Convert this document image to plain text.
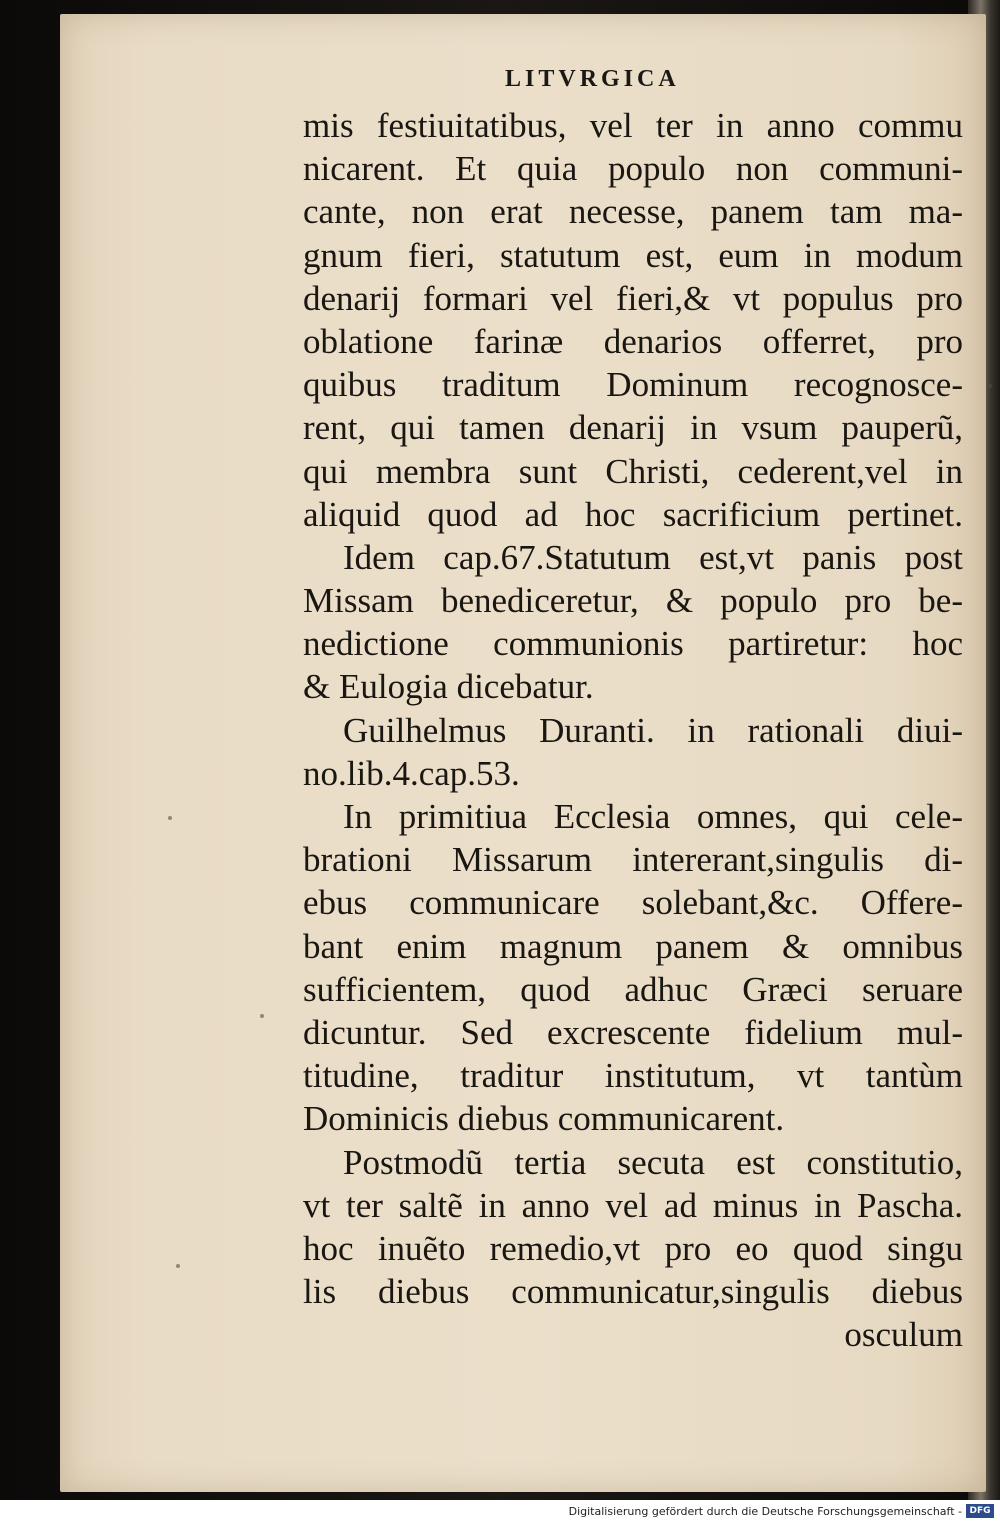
LITVRGICA
mis festiuitatibus, vel ter in anno commu
nicarent. Et quia populo non communi-
cante, non erat necesse, panem tam ma-
gnum fieri, statutum est, eum in modum
denarij formari vel fieri,& vt populus pro
oblatione farinæ denarios offerret, pro
quibus traditum Dominum recognosce-
rent, qui tamen denarij in vsum pauperũ,
qui membra sunt Christi, cederent,vel in
aliquid quod ad hoc sacrificium pertinet.
Idem cap.67.Statutum est,vt panis post
Missam benediceretur, & populo pro be-
nedictione communionis partiretur: hoc
& Eulogia dicebatur.
Guilhelmus Duranti. in rationali diui-
no.lib.4.cap.53.
In primitiua Ecclesia omnes, qui cele-
brationi Missarum intererant,singulis di-
ebus communicare solebant,&c. Offere-
bant enim magnum panem & omnibus
sufficientem, quod adhuc Græci seruare
dicuntur. Sed excrescente fidelium mul-
titudine, traditur institutum, vt tantùm
Dominicis diebus communicarent.
Postmodũ tertia secuta est constitutio,
vt ter saltẽ in anno vel ad minus in Pascha.
hoc inuẽto remedio,vt pro eo quod singu
lis diebus communicatur,singulis diebus
osculum
Digitalisierung gefördert durch die Deutsche Forschungsgemeinschaft - DFG
